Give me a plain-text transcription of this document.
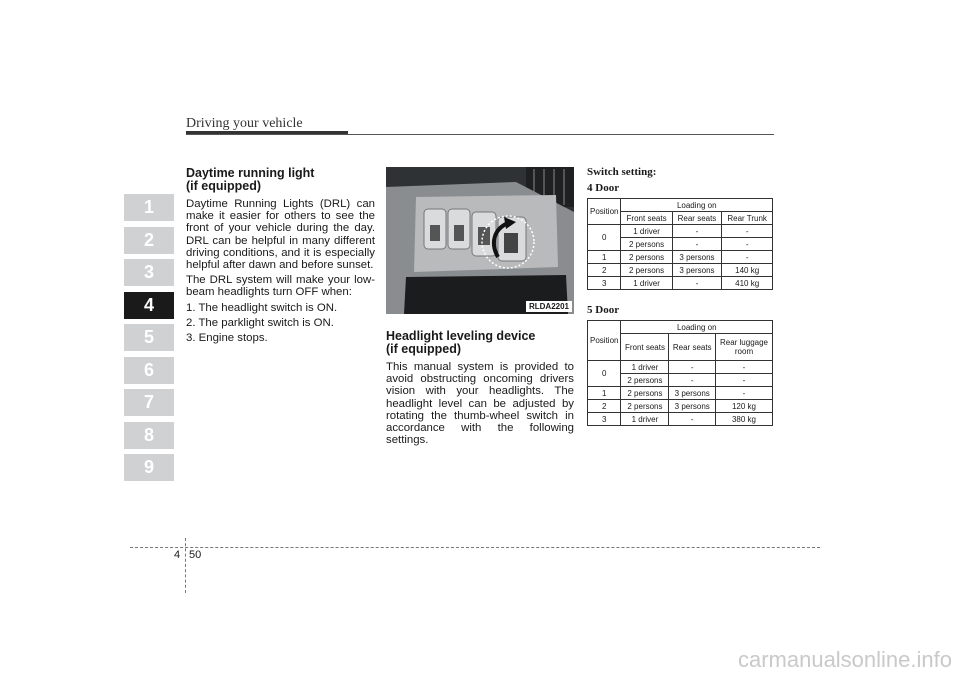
Driving your vehicle
1
2
3
4
5
6
7
8
9
Daytime running light
(if equipped)

Daytime Running Lights (DRL) can make it easier for others to see the front of your vehicle during the day. DRL can be helpful in many different driving conditions, and it is especially helpful after dawn and before sunset.

The DRL system will make your low-beam headlights turn OFF when:

1. The headlight switch is ON.

2. The parklight switch is ON.

3. Engine stops.

RLDA2201
Headlight leveling device
(if equipped)

This manual system is provided to avoid obstructing oncoming drivers vision with your headlights. The headlight level can be adjusted by rotating the thumb-wheel switch in accordance with the following settings.

Switch setting:
4 Door
Position	Loading on		
	Front seats	Rear seats	Rear Trunk
0	1 driver	-	-
	2 persons	-	-
1	2 persons	3 persons	-
2	2 persons	3 persons	140 kg
3	1 driver	-	410 kg
5 Door
Position	Loading on		
	Front seats	Rear seats	Rear luggage room
0	1 driver	-	-
	2 persons	-	-
1	2 persons	3 persons	-
2	2 persons	3 persons	120 kg
3	1 driver	-	380 kg
4 50
carmanualsonline.info
